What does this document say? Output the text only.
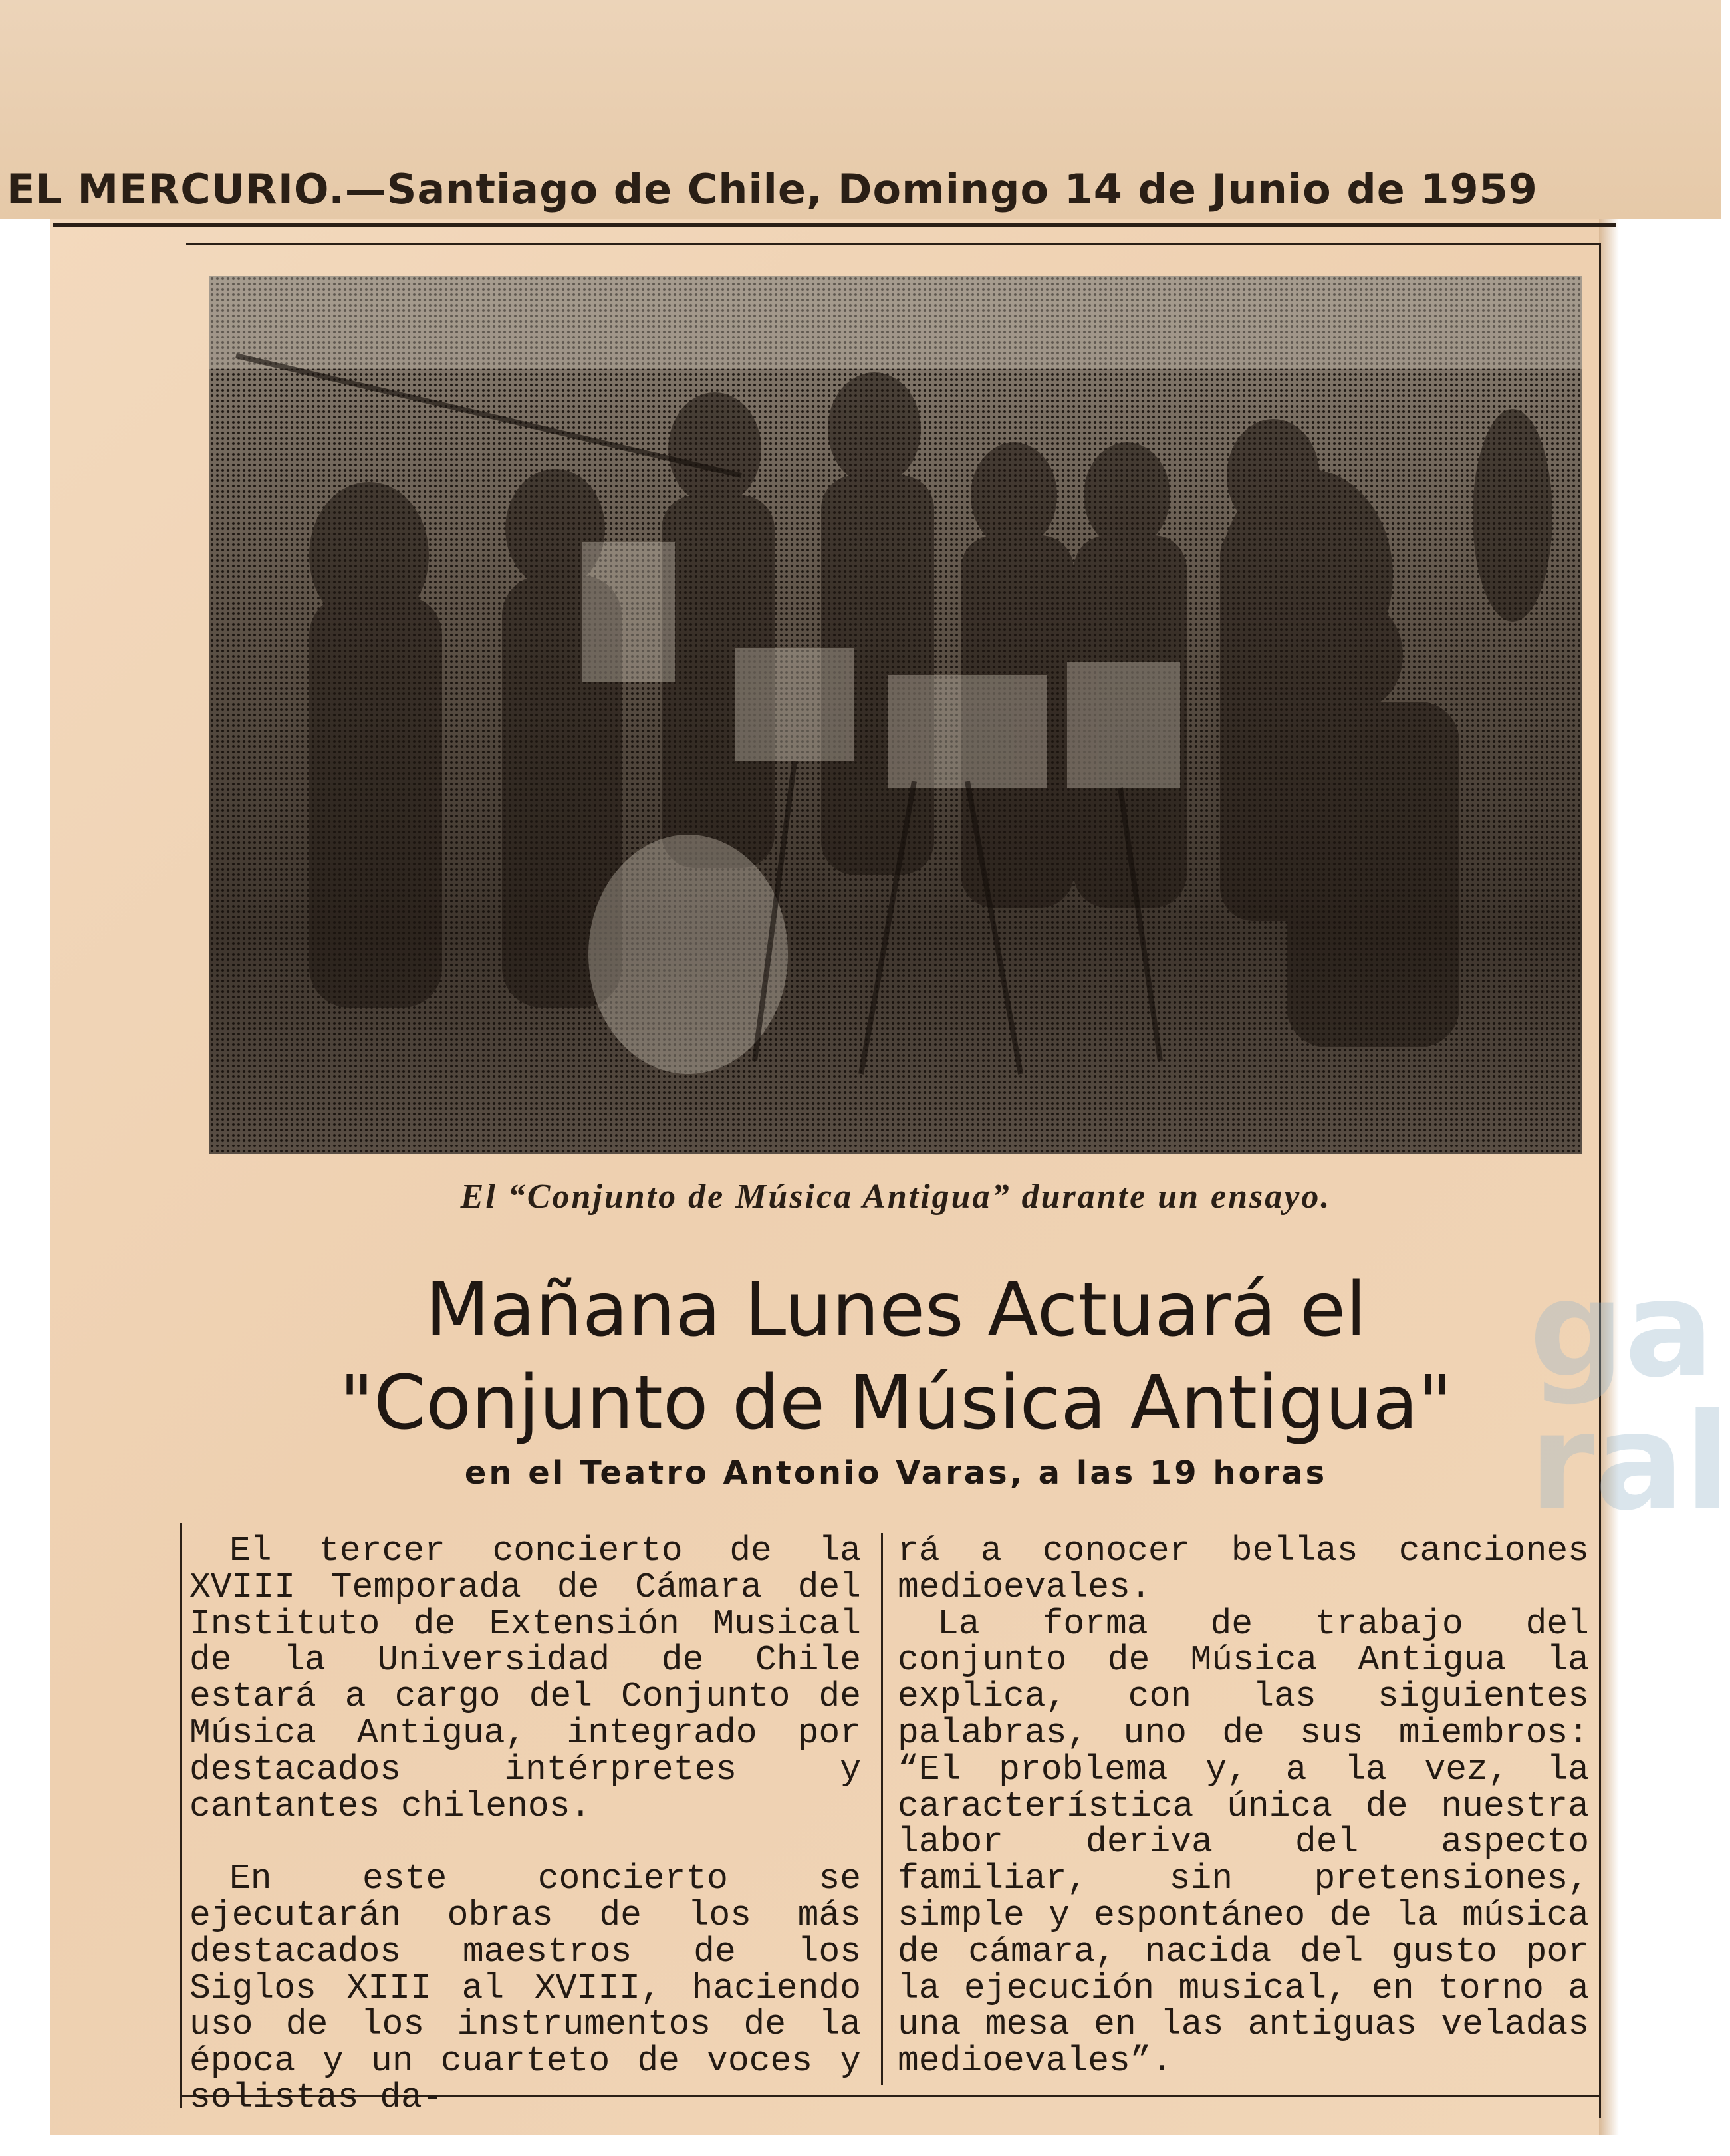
EL MERCURIO.—Santiago de Chile, Domingo 14 de Junio de 1959
ga
ral
El “Conjunto de Música Antigua” durante un ensayo.
Mañana Lunes Actuará el
"Conjunto de Música Antigua"
en el Teatro Antonio Varas, a las 19 horas

El tercer concierto de la XVIII Temporada de Cámara del Instituto de Extensión Musical de la Universidad de Chile estará a cargo del Conjunto de Música Antigua, integrado por destacados intérpretes y cantantes chilenos.

En este concierto se ejecutarán obras de los más destacados maestros de los Siglos XIII al XVIII, haciendo uso de los instrumentos de la época y un cuarteto de voces y solistas da-

rá a conocer bellas canciones medioevales.

La forma de trabajo del conjunto de Música Antigua la explica, con las siguientes palabras, uno de sus miembros: “El problema y, a la vez, la característica única de nuestra labor deriva del aspecto familiar, sin pretensiones, simple y espontáneo de la música de cámara, nacida del gusto por la ejecución musical, en torno a una mesa en las antiguas veladas medioevales”.
